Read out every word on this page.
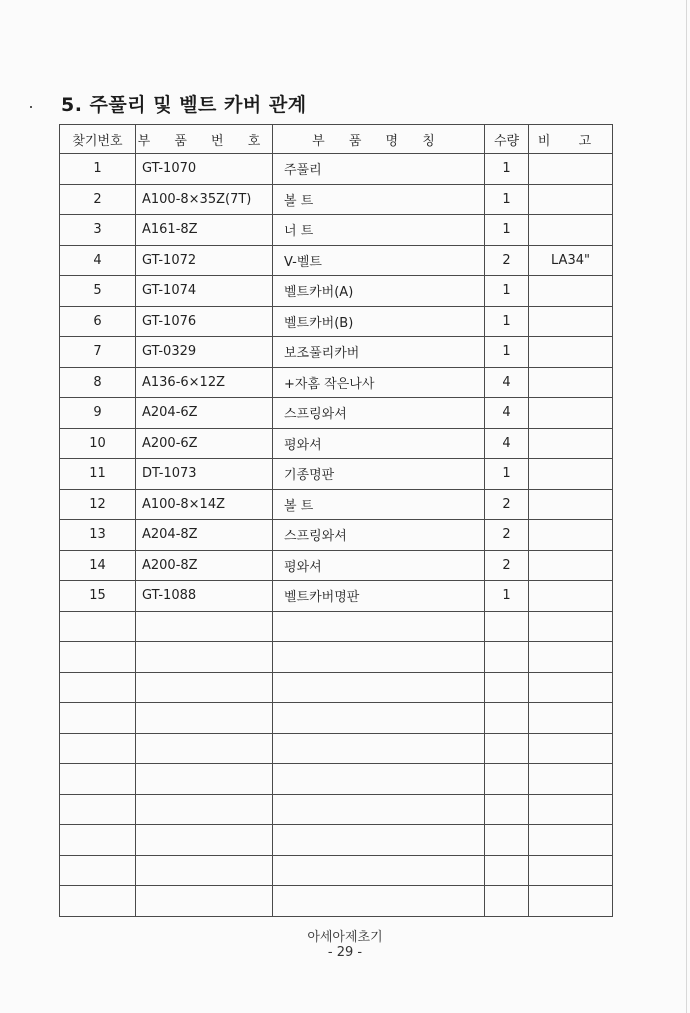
5. 주풀리 및 벨트 카버 관계
찾기번호	부 품 번 호	부 품 명 칭	수량	비 고
1	GT-1070	주풀리	1	
2	A100-8×35Z(7T)	볼 트	1	
3	A161-8Z	너 트	1	
4	GT-1072	V-벨트	2	LA34"
5	GT-1074	벨트카버(A)	1	
6	GT-1076	벨트카버(B)	1	
7	GT-0329	보조풀리카버	1	
8	A136-6×12Z	+자홈 작은나사	4	
9	A204-6Z	스프링와셔	4	
10	A200-6Z	평와셔	4	
11	DT-1073	기종명판	1	
12	A100-8×14Z	볼 트	2	
13	A204-8Z	스프링와셔	2	
14	A200-8Z	평와셔	2	
15	GT-1088	벨트카버명판	1	

아세아제초기
- 29 -
